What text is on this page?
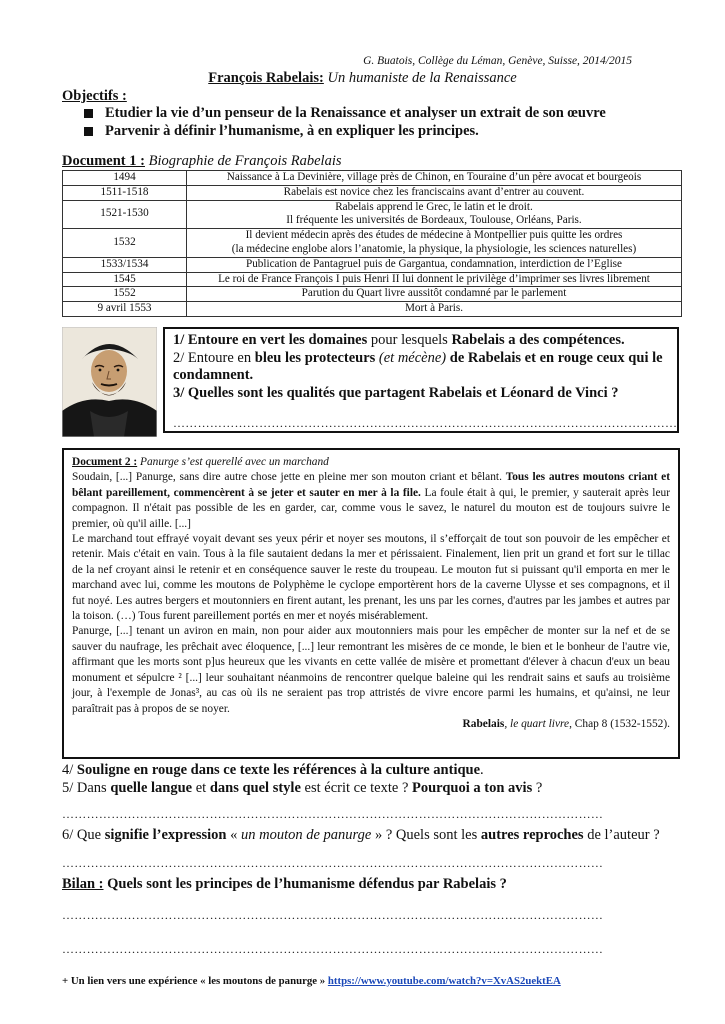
G. Buatois, Collège du Léman, Genève, Suisse, 2014/2015
François Rabelais: Un humaniste de la Renaissance
Objectifs :
Etudier la vie d’un penseur de la Renaissance et analyser un extrait de son œuvre
Parvenir à définir l’humanisme, à en expliquer les principes.
Document 1 : Biographie de François Rabelais
1494	Naissance à La Devinière, village près de Chinon, en Touraine d’un père avocat et bourgeois
1511-1518	Rabelais est novice chez les franciscains avant d’entrer au couvent.
1521-1530	Rabelais apprend le Grec, le latin et le droit.
Il fréquente les universités de Bordeaux, Toulouse, Orléans, Paris.

1532	Il devient médecin après des études de médecine à Montpellier puis quitte les ordres
(la médecine englobe alors l’anatomie, la physique, la physiologie, les sciences naturelles)

1533/1534	Publication de Pantagruel puis de Gargantua, condamnation, interdiction de l’Eglise
1545	Le roi de France François I puis Henri II lui donnent le privilège d’imprimer ses livres librement
1552	Parution du Quart livre aussitôt condamné par le parlement
9 avril 1553	Mort à Paris.
1/ Entoure en vert les domaines pour lesquels Rabelais a des compétences.
2/ Entoure en bleu les protecteurs (et mécène) de Rabelais et en rouge ceux qui le condamnent.
3/ Quelles sont les qualités que partagent Rabelais et Léonard de Vinci ?
……………………………………………………………………………………………………………
Document 2 : Panurge s’est querellé avec un marchand

Soudain, [...] Panurge, sans dire autre chose jette en pleine mer son mouton criant et bêlant. Tous les autres moutons criant et bêlant pareillement, commencèrent à se jeter et sauter en mer à la file. La foule était à qui, le premier, y sauterait après leur compagnon. Il n'était pas possible de les en garder, car, comme vous le savez, le naturel du mouton est de toujours suivre le premier, où qu'il aille. [...]

Le marchand tout effrayé voyait devant ses yeux périr et noyer ses moutons, il s’efforçait de tout son pouvoir de les empêcher et retenir. Mais c'était en vain. Tous à la file sautaient dedans la mer et périssaient. Finalement, lien prit un grand et fort sur le tillac de la nef croyant ainsi le retenir et en conséquence sauver le reste du troupeau. Le mouton fut si puissant qu'il emporta en mer le marchand avec lui, comme les moutons de Polyphème le cyclope emportèrent hors de la caverne Ulysse et ses compagnons, et il fut noyé. Les autres bergers et moutonniers en firent autant, les prenant, les uns par les cornes, d'autres par les jambes et autres par la toison. (…) Tous furent pareillement portés en mer et noyés misérablement.

Panurge, [...] tenant un aviron en main, non pour aider aux moutonniers mais pour les empêcher de monter sur la nef et de se sauver du naufrage, les prêchait avec éloquence, [...] leur remontrant les misères de ce monde, le bien et le bonheur de l'autre vie, affirmant que les morts sont p]us heureux que les vivants en cette vallée de misère et promettant d'élever à chacun d'eux un beau monument et sépulcre ² [...] leur souhaitant néanmoins de rencontrer quelque baleine qui les rendrait sains et saufs au troisième jour, à l'exemple de Jonas³, au cas où ils ne seraient pas trop attristés de vivre encore parmi les humains, et qu'ainsi, ne leur paraîtrait pas à propos de se noyer.

Rabelais, le quart livre, Chap 8 (1532-1552).

4/ Souligne en rouge dans ce texte les références à la culture antique.
5/ Dans quelle langue et dans quel style est écrit ce texte ? Pourquoi a ton avis ?
……………………………………………………………………………………………………………………
6/ Que signifie l’expression « un mouton de panurge » ? Quels sont les autres reproches de l’auteur ?
……………………………………………………………………………………………………………………
Bilan : Quels sont les principes de l’humanisme défendus par Rabelais ?
……………………………………………………………………………………………………………………
……………………………………………………………………………………………………………………
+ Un lien vers une expérience « les moutons de panurge » https://www.youtube.com/watch?v=XvAS2uektEA
